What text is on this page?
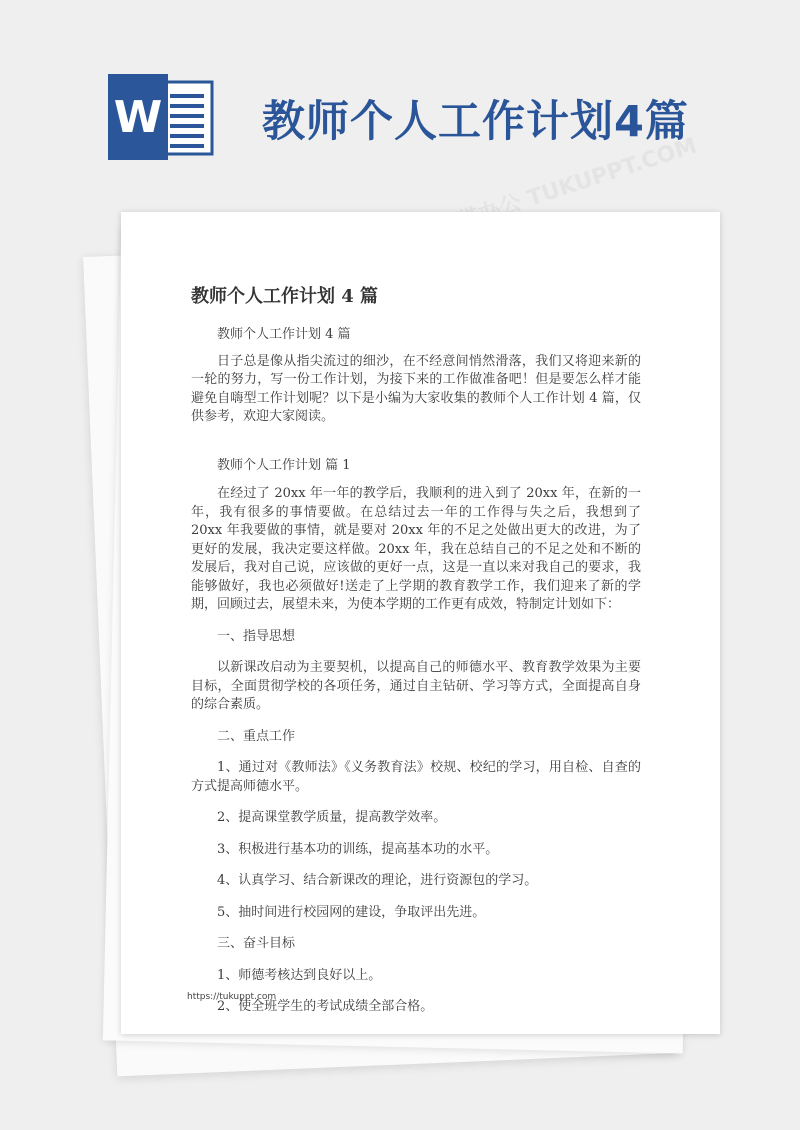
W 教师个人工作计划4篇
熊猫办公 TUKUPPT.COM
教师个人工作计划 4 篇

教师个人工作计划 4 篇

日子总是像从指尖流过的细沙，在不经意间悄然滑落，我们又将迎来新的一轮的努力，写一份工作计划，为接下来的工作做准备吧！但是要怎么样才能避免自嗨型工作计划呢？以下是小编为大家收集的教师个人工作计划 4 篇，仅供参考，欢迎大家阅读。

教师个人工作计划 篇 1

在经过了 20xx 年一年的教学后，我顺利的进入到了 20xx 年，在新的一年，我有很多的事情要做。在总结过去一年的工作得与失之后，我想到了 20xx 年我要做的事情，就是要对 20xx 年的不足之处做出更大的改进，为了更好的发展，我决定要这样做。20xx 年，我在总结自己的不足之处和不断的发展后，我对自己说，应该做的更好一点，这是一直以来对我自己的要求，我能够做好，我也必须做好!送走了上学期的教育教学工作，我们迎来了新的学期，回顾过去，展望未来，为使本学期的工作更有成效，特制定计划如下：

一、指导思想

以新课改启动为主要契机，以提高自己的师德水平、教育教学效果为主要目标，全面贯彻学校的各项任务，通过自主钻研、学习等方式，全面提高自身的综合素质。

二、重点工作

1、通过对《教师法》《义务教育法》校规、校纪的学习，用自检、自查的方式提高师德水平。

2、提高课堂教学质量，提高教学效率。

3、积极进行基本功的训练，提高基本功的水平。

4、认真学习、结合新课改的理论，进行资源包的学习。

5、抽时间进行校园网的建设，争取评出先进。

三、奋斗目标

1、师德考核达到良好以上。

2、使全班学生的考试成绩全部合格。

https://tukuppt.com
